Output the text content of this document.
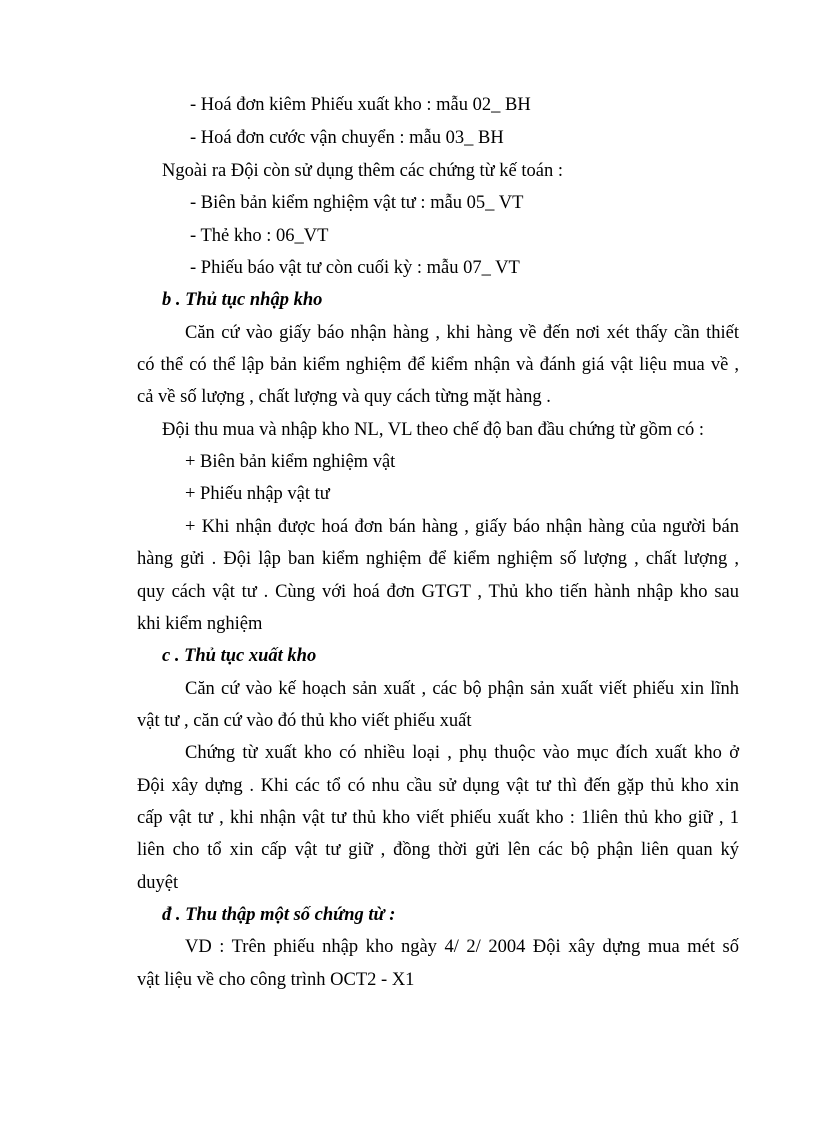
- Hoá đơn kiêm Phiếu xuất kho : mẫu 02_ BH
- Hoá đơn cước vận chuyển : mẫu 03_ BH
Ngoài ra Đội còn sử dụng thêm các chứng từ kế toán :
- Biên bản kiểm nghiệm vật tư : mẫu 05_ VT
- Thẻ kho : 06_VT
- Phiếu báo vật tư còn cuối kỳ : mẫu 07_ VT
b . Thủ tục nhập kho
Căn cứ vào giấy báo nhận hàng , khi hàng về đến nơi xét thấy cần thiết
có thể có thể lập bản kiểm nghiệm để kiểm nhận và đánh giá vật liệu mua về ,
cả về số lượng , chất lượng và quy cách từng mặt hàng .
Đội thu mua và nhập kho NL, VL theo chế độ ban đầu chứng từ gồm có :
+ Biên bản kiểm nghiệm vật
+ Phiếu nhập vật tư
+ Khi nhận được hoá đơn bán hàng , giấy báo nhận hàng của người bán
hàng gửi . Đội lập ban kiểm nghiệm để kiểm nghiệm số lượng , chất lượng ,
quy cách vật tư . Cùng với hoá đơn GTGT , Thủ kho tiến hành nhập kho sau
khi kiểm nghiệm
c . Thủ tục xuất kho
Căn cứ vào kế hoạch sản xuất , các bộ phận sản xuất viết phiếu xin lĩnh
vật tư , căn cứ vào đó thủ kho viết phiếu xuất
Chứng từ xuất kho có nhiều loại , phụ thuộc vào mục đích xuất kho ở
Đội xây dựng . Khi các tổ có nhu cầu sử dụng vật tư thì đến gặp thủ kho xin
cấp vật tư , khi nhận vật tư thủ kho viết phiếu xuất kho : 1liên thủ kho giữ , 1
liên cho tổ xin cấp vật tư giữ , đồng thời gửi lên các bộ phận liên quan ký
duyệt
đ . Thu thập một số chứng từ :
VD : Trên phiếu nhập kho ngày 4/ 2/ 2004 Đội xây dựng mua mét số
vật liệu về cho công trình OCT2 - X1
